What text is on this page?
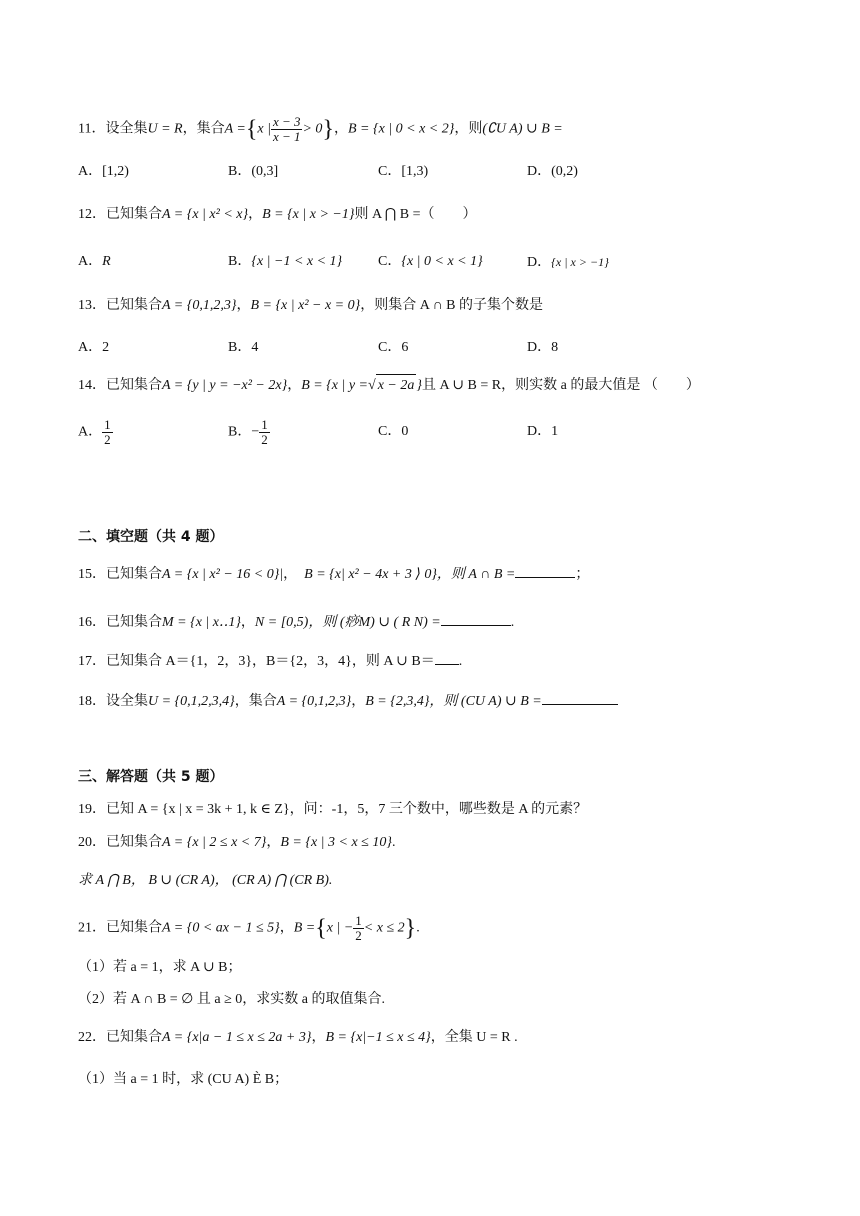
11．设全集U = R，集合A ={x | $\frac{x - 3}{x - 1} > 0$}，B = {x | 0 < x < 2}，则(∁U A) ∪ B =
A．[1,2)	B．(0,3]	C．[1,3)	D．(0,2)
12．已知集合A = {x | x² < x}，B = {x | x > −1}则 A ⋂ B =（　　）
A．R	B．{x | −1 < x < 1}	C．{x | 0 < x < 1}	D．{x | x > −1}
13．已知集合A = {0,1,2,3}，B = {x | x² − x = 0}，则集合 A ∩ B 的子集个数是
A．2	B．4	C．6	D．8
14．已知集合A = {y | y = −x² − 2x}，B = {x | y =√ x − 2a }且 A ∪ B = R，则实数 a 的最大值是 （　　）
A． $\frac{1}{2}$	B．− $\frac{1}{2}$	C．0	D．1
二、填空题（共 4 题）
15．已知集合A = {x | x² − 16 < 0}|，　 B = {x| x² − 4x + 3 ⟩ 0}，则 A ∩ B =	；
16．已知集合M = {x | x‥1}，N = [0,5)，则 (痧M) ∪ ( R N) =	.
17．已知集合 A＝{1，2，3}，B＝{2，3，4}，则 A ∪ B＝ .
18．设全集U = {0,1,2,3,4}，集合A = {0,1,2,3}，B = {2,3,4}，则 (CU A) ∪ B =
三、解答题（共 5 题）
19．已知 A = {x | x = 3k + 1, k ∈ Z}，问：-1，5，7 三个数中，哪些数是 A 的元素？
20．已知集合A = {x | 2 ≤ x < 7}，B = {x | 3 < x ≤ 10}.
求 A ⋂ B， B ∪ (CR A)， (CR A) ⋂ (CR B).
21．已知集合A = {0 < ax − 1 ≤ 5}，B ={x | − $\frac{1}{2} < x \le 2$}.
（1）若 a = 1，求 A ∪ B；
（2）若 A ∩ B = ∅ 且 a ≥ 0，求实数 a 的取值集合.
22．已知集合A = {x|a − 1 ≤ x ≤ 2a + 3}，B = {x|−1 ≤ x ≤ 4}，全集 U = R .
（1）当 a = 1 时，求 (CU A) È B；
